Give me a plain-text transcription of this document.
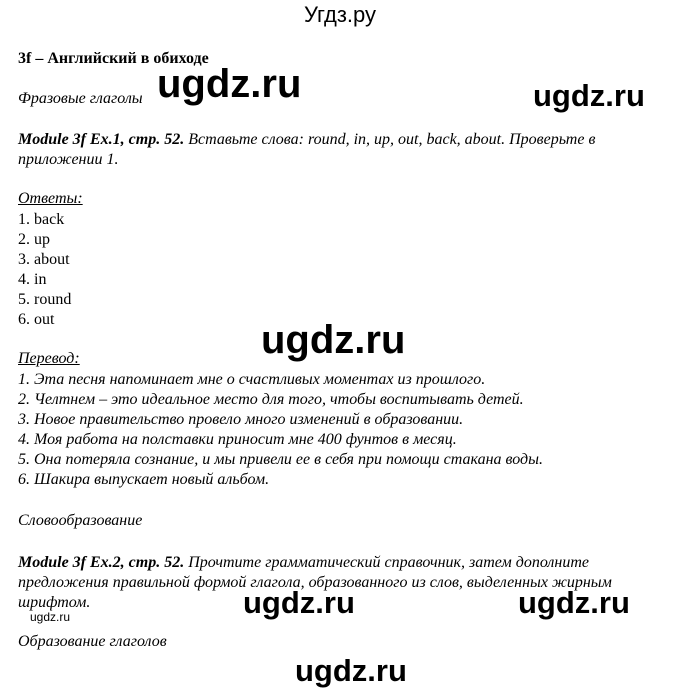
Угдз.ру
3f – Английский в обиходе
Фразовые глаголы
Module 3f Ex.1, стр. 52. Вставьте слова: round, in, up, out, back, about. Проверьте в приложении 1.
Ответы:
1. back
2. up
3. about
4. in
5. round
6. out
Перевод:
1. Эта песня напоминает мне о счастливых моментах из прошлого.
2. Челтнем – это идеальное место для того, чтобы воспитывать детей.
3. Новое правительство провело много изменений в образовании.
4. Моя работа на полставки приносит мне 400 фунтов в месяц.
5. Она потеряла сознание, и мы привели ее в себя при помощи стакана воды.
6. Шакира выпускает новый альбом.
Словообразование
Module 3f Ex.2, стр. 52. Прочтите грамматический справочник, затем дополните предложения правильной формой глагола, образованного из слов, выделенных жирным шрифтом.
Образование глаголов
ugdz.ru	ugdz.ru
ugdz.ru
ugdz.ru	ugdz.ru
ugdz.ru
ugdz.ru
